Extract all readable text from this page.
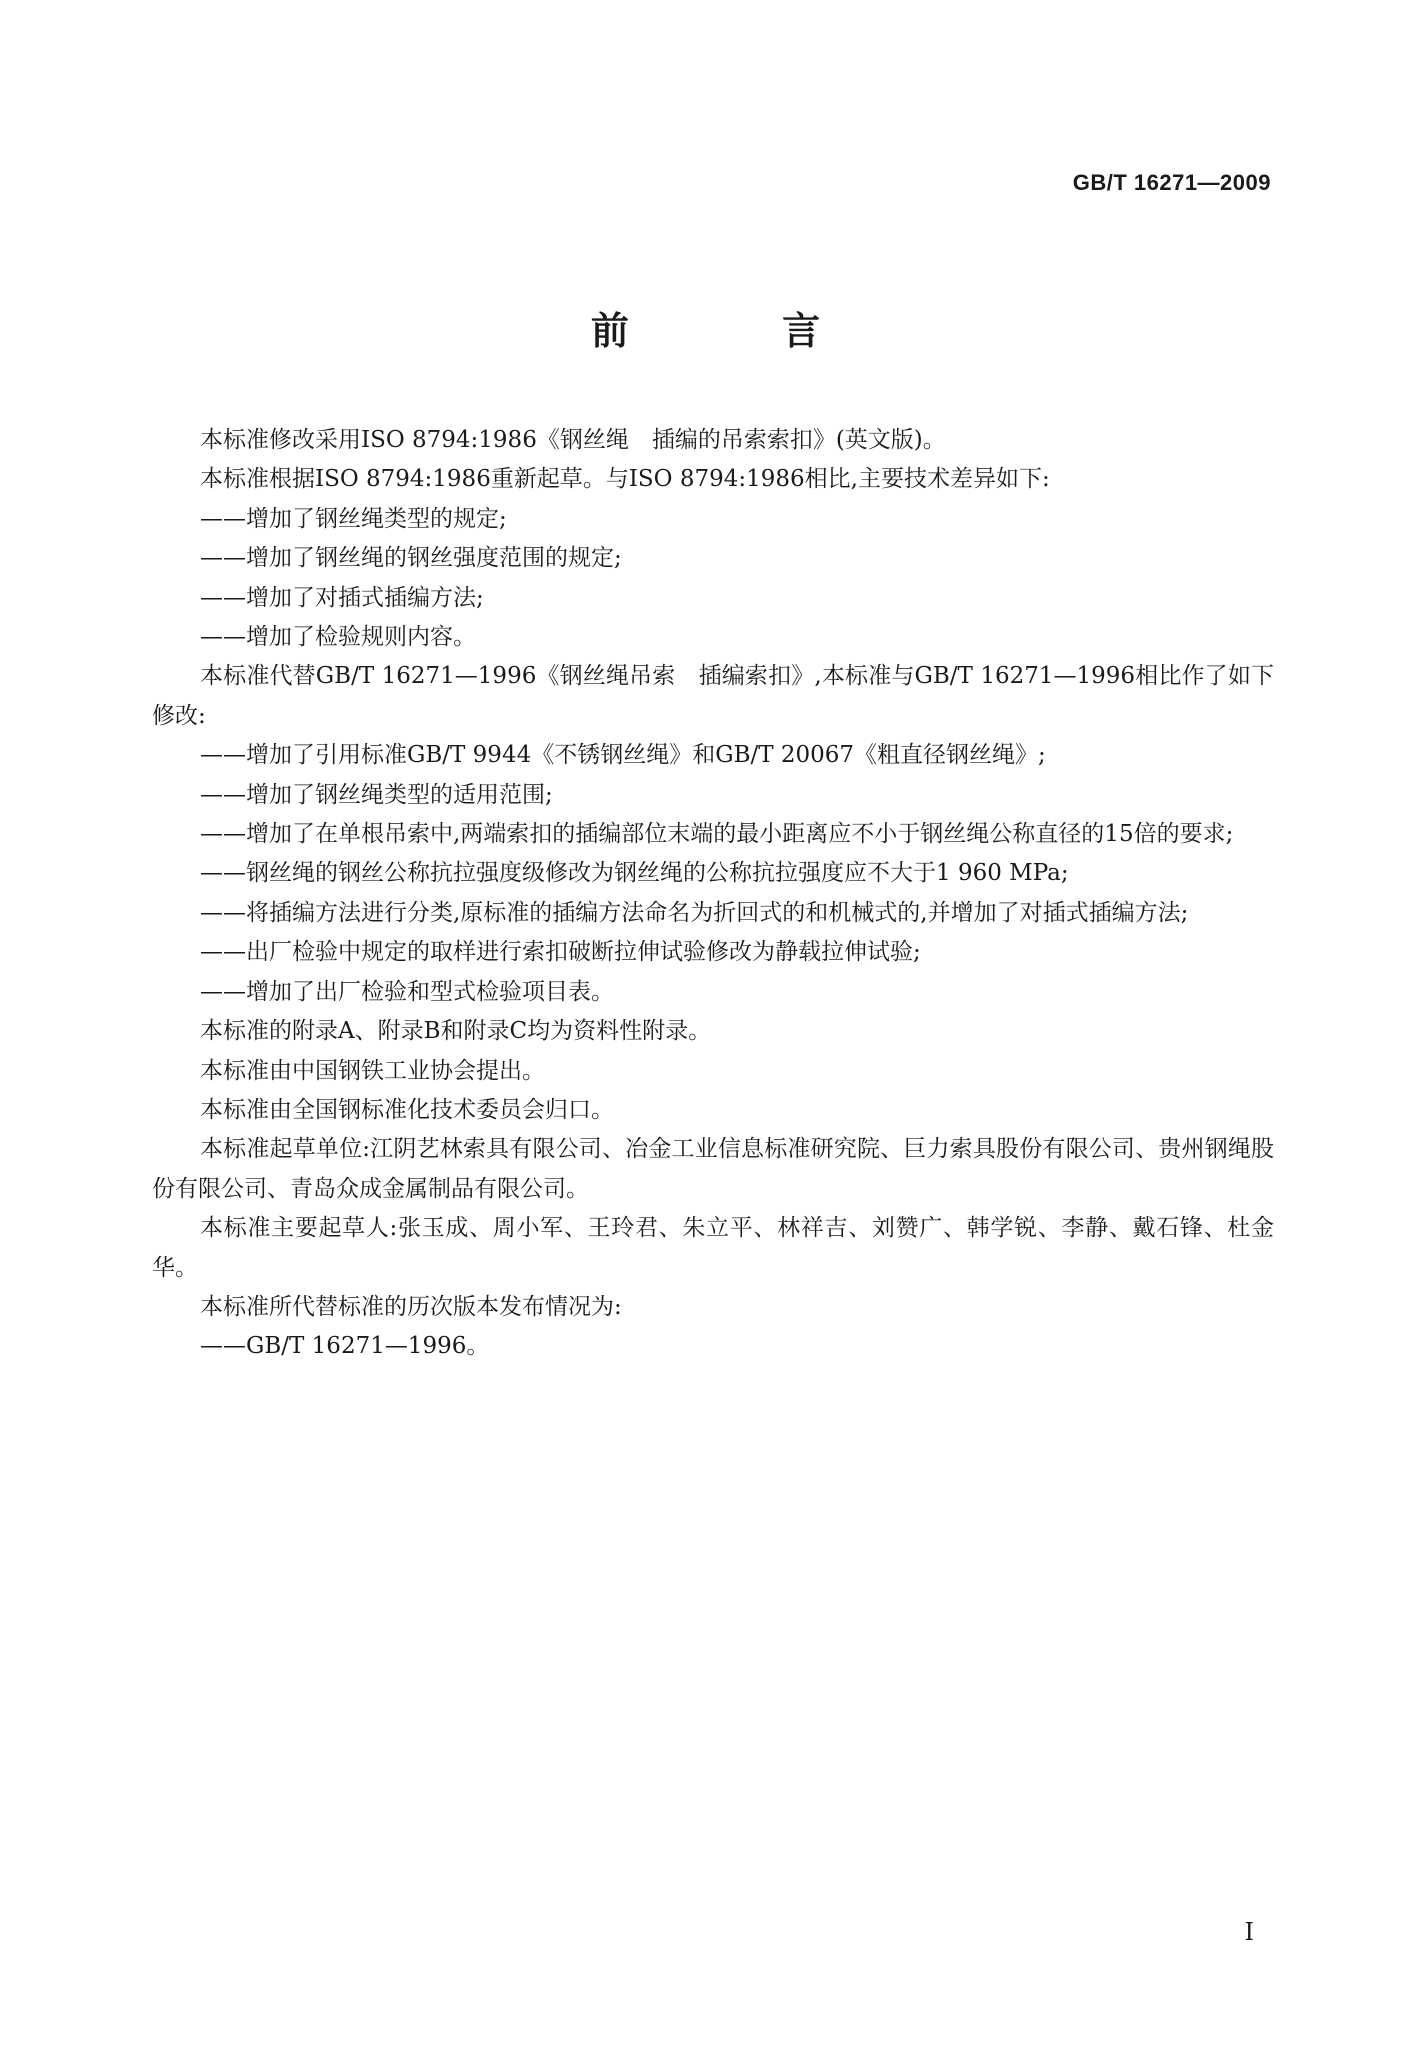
GB/T 16271—2009
前 言

本标准修改采用ISO 8794:1986《钢丝绳　插编的吊索索扣》(英文版)。

本标准根据ISO 8794:1986重新起草。与ISO 8794:1986相比,主要技术差异如下:

——增加了钢丝绳类型的规定;

——增加了钢丝绳的钢丝强度范围的规定;

——增加了对插式插编方法;

——增加了检验规则内容。

本标准代替GB/T 16271—1996《钢丝绳吊索　插编索扣》,本标准与GB/T 16271—1996相比作了如下修改:

——增加了引用标准GB/T 9944《不锈钢丝绳》和GB/T 20067《粗直径钢丝绳》;

——增加了钢丝绳类型的适用范围;

——增加了在单根吊索中,两端索扣的插编部位末端的最小距离应不小于钢丝绳公称直径的15倍的要求;

——钢丝绳的钢丝公称抗拉强度级修改为钢丝绳的公称抗拉强度应不大于1 960 MPa;

——将插编方法进行分类,原标准的插编方法命名为折回式的和机械式的,并增加了对插式插编方法;

——出厂检验中规定的取样进行索扣破断拉伸试验修改为静载拉伸试验;

——增加了出厂检验和型式检验项目表。

本标准的附录A、附录B和附录C均为资料性附录。

本标准由中国钢铁工业协会提出。

本标准由全国钢标准化技术委员会归口。

本标准起草单位:江阴艺林索具有限公司、冶金工业信息标准研究院、巨力索具股份有限公司、贵州钢绳股份有限公司、青岛众成金属制品有限公司。

本标准主要起草人:张玉成、周小军、王玲君、朱立平、林祥吉、刘赞广、韩学锐、李静、戴石锋、杜金华。

本标准所代替标准的历次版本发布情况为:

——GB/T 16271—1996。

I
